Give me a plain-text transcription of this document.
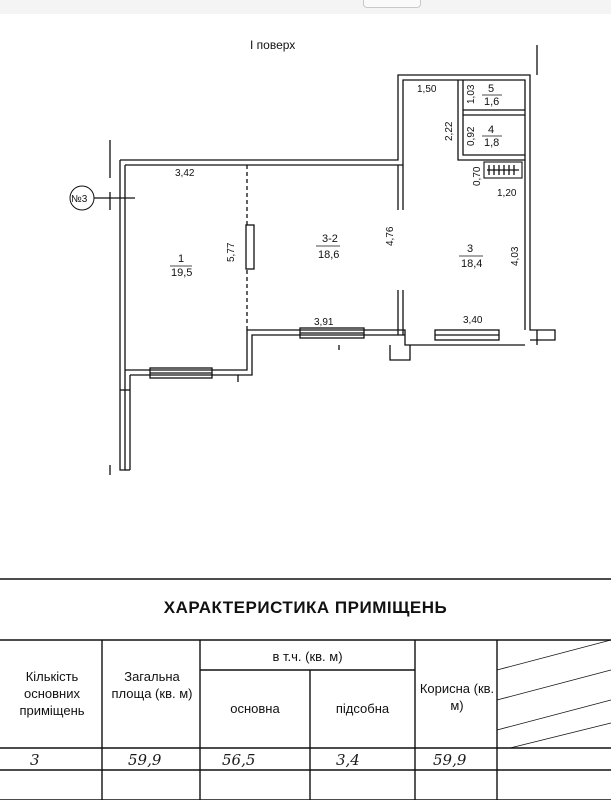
І поверх
1
19,5
3-2
18,6	3
18,4
4
1,8
5
1,6
3,42
5,77
4,76
3,91	3,40
4,03
1,50
2,22
1,03
0,92
0,70
1,20
№3
ХАРАКТЕРИСТИКА ПРИМІЩЕНЬ
Кількість основних приміщень
Загальна площа (кв. м)
в т.ч. (кв. м)
основна	підсобна
Корисна (кв. м)
3	59,9	56,5	3,4	59,9
